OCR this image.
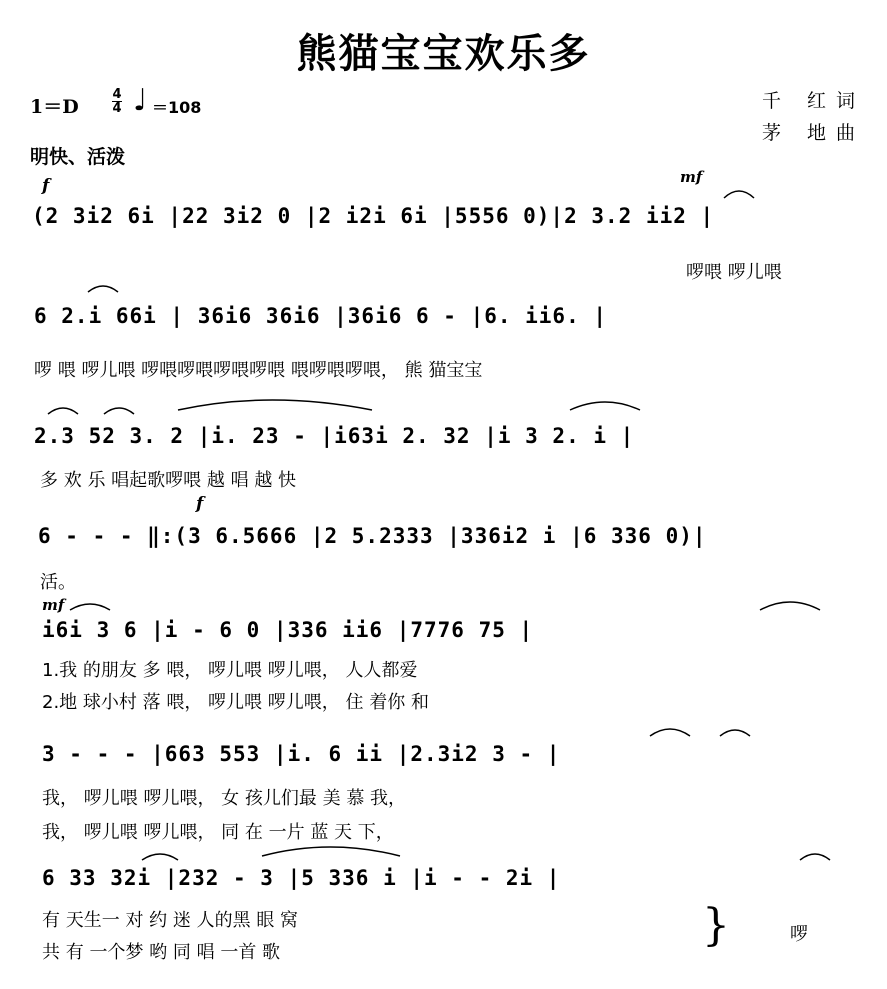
熊猫宝宝欢乐多
1＝D
4
4 ♩ ＝108	千 红词
茅 地曲
明快、活泼
f	mf
f
mf
(2 3i2 6i |22 3i2 0 |2 i2i 6i |5556 0)|2 3.2 ii2 |
啰喂 啰儿喂
6 2.i 66i | 36i6 36i6 |36i6 6 - |6. ii6. |
啰 喂 啰儿喂 啰喂啰喂啰喂啰喂 喂啰喂啰喂， 熊 猫宝宝
2.3 52 3. 2 |i. 23 - |i63i 2. 32 |i 3 2. i |
多 欢 乐 唱起歌啰喂 越 唱 越 快
6 - - - ‖:(3 6.5666 |2 5.2333 |336i2 i |6 336 0)|
活。
i6i 3 6 |i - 6 0 |336 ii6 |7776 75 |
1.我 的朋友 多 喂， 啰儿喂 啰儿喂， 人人都爱
2.地 球小村 落 喂， 啰儿喂 啰儿喂， 住 着你 和
3 - - - |663 553 |i. 6 ii |2.3i2 3 - |
我， 啰儿喂 啰儿喂， 女 孩儿们最 美 慕 我，
我， 啰儿喂 啰儿喂， 同 在 一片 蓝 天 下，
6 33 32i |232 - 3 |5 336 i |i - - 2i |
有 天生一 对 约 迷 人的黑 眼 窝
共 有 一个梦 哟 同 唱 一首 歌
}	啰
